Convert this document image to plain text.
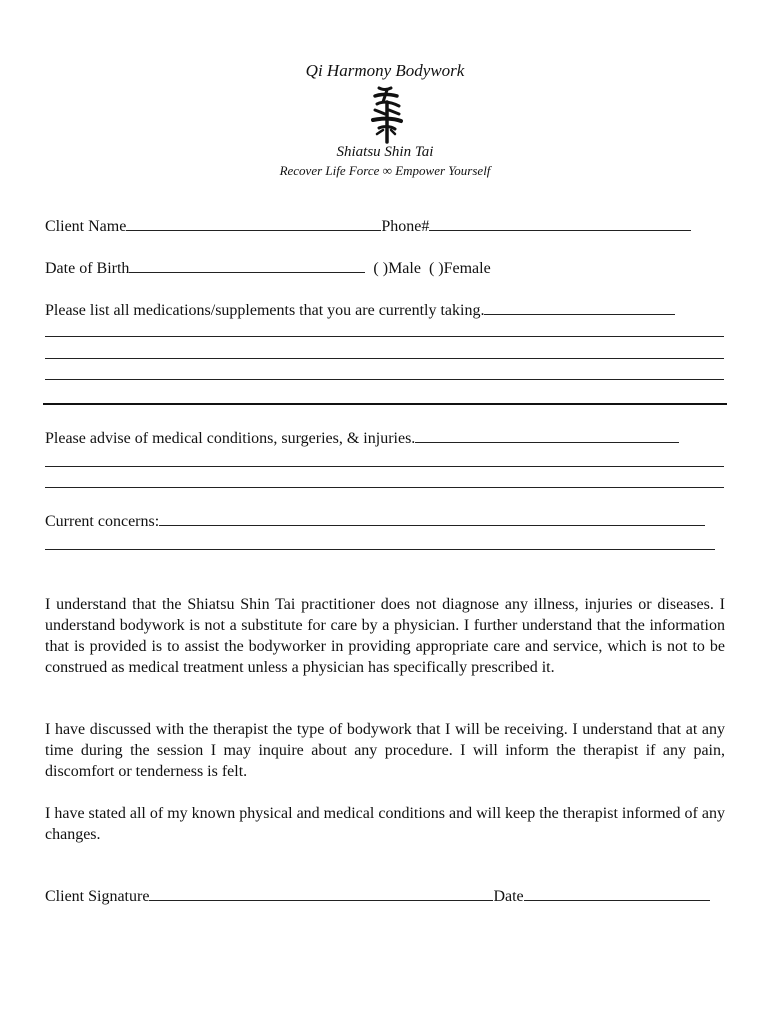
Qi Harmony Bodywork
Shiatsu Shin Tai
Recover Life Force ∞ Empower Yourself
Client Name	Phone#
Date of Birth	( )Male ( )Female
Please list all medications/supplements that you are currently taking.
Please advise of medical conditions, surgeries, & injuries.
Current concerns:
I understand that the Shiatsu Shin Tai practitioner does not diagnose any illness, injuries or diseases. I understand bodywork is not a substitute for care by a physician. I further understand that the information that is provided is to assist the bodyworker in providing appropriate care and service, which is not to be construed as medical treatment unless a physician has specifically prescribed it.
I have discussed with the therapist the type of bodywork that I will be receiving. I understand that at any time during the session I may inquire about any procedure. I will inform the therapist if any pain, discomfort or tenderness is felt.
I have stated all of my known physical and medical conditions and will keep the therapist informed of any changes.
Client Signature	Date
